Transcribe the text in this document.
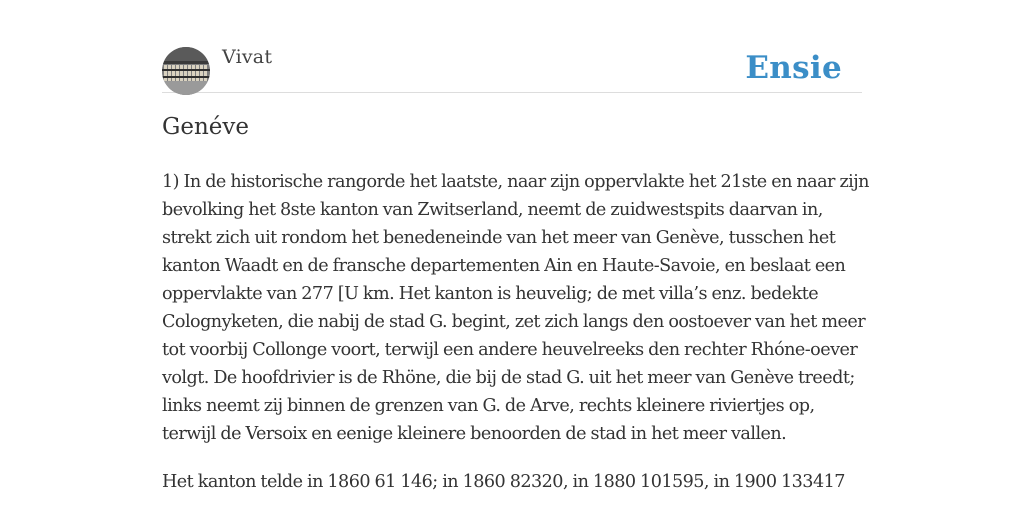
Vivat	Ensie
Genéve

1) In de historische rangorde het laatste, naar zijn oppervlakte het 21ste en naar zijn bevolking het 8ste kanton van Zwitserland, neemt de zuidwestspits daarvan in, strekt zich uit rondom het benedeneinde van het meer van Genève, tusschen het kanton Waadt en de fransche departementen Ain en Haute-Savoie, en beslaat een oppervlakte van 277 [U km. Het kanton is heuvelig; de met villa’s enz. bedekte Colognyketen, die nabij de stad G. begint, zet zich langs den oostoever van het meer tot voorbij Collonge voort, terwijl een andere heuvelreeks den rechter Rhóne-oever volgt. De hoofdrivier is de Rhöne, die bij de stad G. uit het meer van Genève treedt; links neemt zij binnen de grenzen van G. de Arve, rechts kleinere riviertjes op, terwijl de Versoix en eenige kleinere benoorden de stad in het meer vallen.

Het kanton telde in 1860 61 146; in 1860 82320, in 1880 101595, in 1900 133417
